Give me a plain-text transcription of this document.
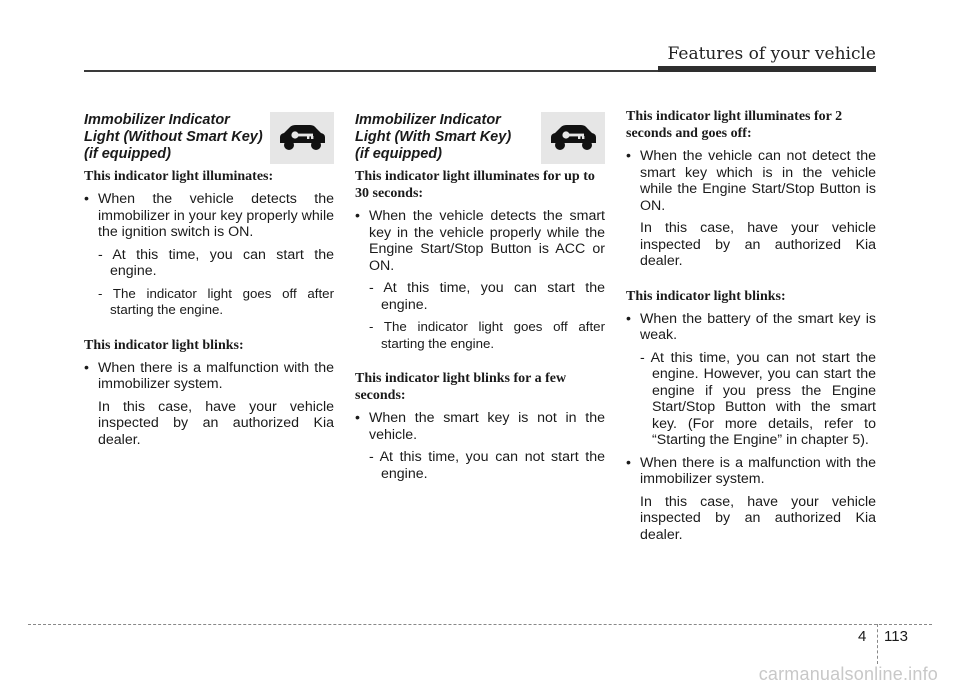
Features of your vehicle
Immobilizer Indicator
Light (Without Smart Key)
(if equipped)
This indicator light illuminates:
• When the vehicle detects the immobilizer in your key properly while the ignition switch is ON.
- At this time, you can start the engine.
- The indicator light goes off after starting the engine.
This indicator light blinks:
• When there is a malfunction with the immobilizer system.
In this case, have your vehicle inspected by an authorized Kia dealer.
Immobilizer Indicator
Light (With Smart Key)
(if equipped)
This indicator light illuminates for up to 30 seconds:
• When the vehicle detects the smart key in the vehicle properly while the Engine Start/Stop Button is ACC or ON.
- At this time, you can start the engine.
- The indicator light goes off after starting the engine.
This indicator light blinks for a few seconds:
• When the smart key is not in the vehicle.
- At this time, you can not start the engine.
This indicator light illuminates for 2 seconds and goes off:
• When the vehicle can not detect the smart key which is in the vehicle while the Engine Start/Stop Button is ON.
In this case, have your vehicle inspected by an authorized Kia dealer.
This indicator light blinks:
• When the battery of the smart key is weak.
- At this time, you can not start the engine. However, you can start the engine if you press the Engine Start/Stop Button with the smart key. (For more details, refer to “Starting the Engine” in chapter 5).
• When there is a malfunction with the immobilizer system.
In this case, have your vehicle inspected by an authorized Kia dealer.
4 113
carmanualsonline.info
